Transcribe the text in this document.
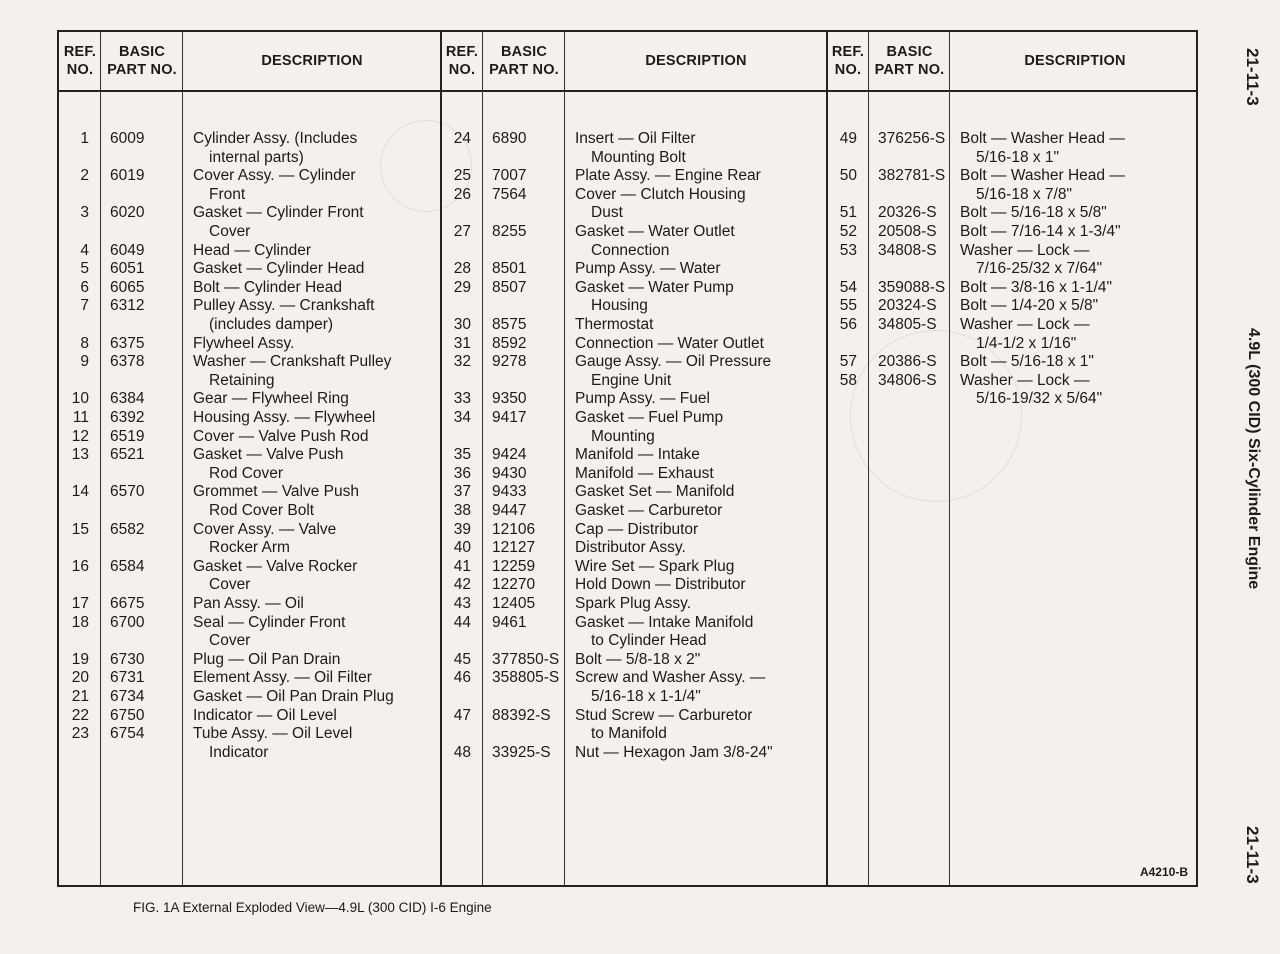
1 6009	Cylinder Assy. (Includes
internal parts)
2 6019	Cover Assy. — Cylinder
Front
3 6020	Gasket — Cylinder Front
Cover
4 6049	Head — Cylinder
5 6051	Gasket — Cylinder Head
6 6065	Bolt — Cylinder Head
7 6312	Pulley Assy. — Crankshaft
(includes damper)
8 6375	Flywheel Assy.
9 6378	Washer — Crankshaft Pulley
Retaining
10 6384	Gear — Flywheel Ring
11 6392	Housing Assy. — Flywheel
12 6519	Cover — Valve Push Rod
13 6521	Gasket — Valve Push
Rod Cover
14 6570	Grommet — Valve Push
Rod Cover Bolt
15 6582	Cover Assy. — Valve
Rocker Arm
16 6584	Gasket — Valve Rocker
Cover
17 6675	Pan Assy. — Oil
18 6700	Seal — Cylinder Front
Cover
19 6730	Plug — Oil Pan Drain
20 6731	Element Assy. — Oil Filter
21 6734	Gasket — Oil Pan Drain Plug
22 6750	Indicator — Oil Level
23 6754	Tube Assy. — Oil Level
Indicator
24 6890	Insert — Oil Filter
Mounting Bolt
25 7007	Plate Assy. — Engine Rear
26 7564	Cover — Clutch Housing
Dust
27 8255	Gasket — Water Outlet
Connection
28 8501	Pump Assy. — Water
29 8507	Gasket — Water Pump
Housing
30 8575	Thermostat
31 8592	Connection — Water Outlet
32 9278	Gauge Assy. — Oil Pressure
Engine Unit
33 9350	Pump Assy. — Fuel
34 9417	Gasket — Fuel Pump
Mounting
35 9424	Manifold — Intake
36 9430	Manifold — Exhaust
37 9433	Gasket Set — Manifold
38 9447	Gasket — Carburetor
39 12106	Cap — Distributor
40 12127	Distributor Assy.
41 12259	Wire Set — Spark Plug
42 12270	Hold Down — Distributor
43 12405	Spark Plug Assy.
44 9461	Gasket — Intake Manifold
to Cylinder Head
45 377850-S Bolt — 5/8-18 x 2"
46 358805-S Screw and Washer Assy. —
5/16-18 x 1-1/4"
47 88392-S Stud Screw — Carburetor
to Manifold
48 33925-S Nut — Hexagon Jam 3/8-24"
49 376256-S Bolt — Washer Head —
5/16-18 x 1"
50 382781-S Bolt — Washer Head —
5/16-18 x 7/8"
51 20326-S Bolt — 5/16-18 x 5/8"
52 20508-S Bolt — 7/16-14 x 1-3/4"
53 34808-S Washer — Lock —
7/16-25/32 x 7/64"
54 359088-S Bolt — 3/8-16 x 1-1/4"
55 20324-S Bolt — 1/4-20 x 5/8"
56 34805-S Washer — Lock —
1/4-1/2 x 1/16"
57 20386-S Bolt — 5/16-18 x 1"
58 34806-S Washer — Lock —
5/16-19/32 x 5/64"
A4210-B
REF.
NO.
BASIC
PART NO.
DESCRIPTION
REF.
NO.
BASIC
PART NO.
DESCRIPTION
REF.
NO.
BASIC
PART NO.
DESCRIPTION
FIG. 1A External Exploded View—4.9L (300 CID) I-6 Engine
21-11-3
4.9L (300 CID) Six-Cylinder Engine
21-11-3
